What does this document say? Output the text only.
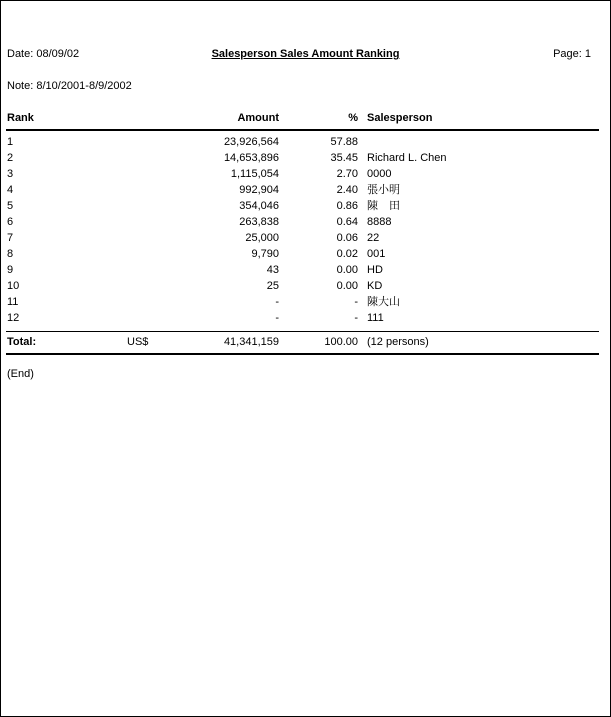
Date: 08/09/02	Salesperson Sales Amount Ranking	Page: 1
Note: 8/10/2001-8/9/2002
Rank	Amount	% Salesperson
1	23,926,564	57.88
2	14,653,896	35.45 Richard L. Chen
3	1,115,054	2.70 0000
4	992,904	2.40 張小明
5	354,046	0.86 陳　田
6	263,838	0.64 8888
7	25,000	0.06 22
8	9,790	0.02 001
9	43	0.00 HD
10	25	0.00 KD
11	-	- 陳大山
12	-	- 111
Total:	US$	41,341,159	100.00 (12 persons)
(End)
